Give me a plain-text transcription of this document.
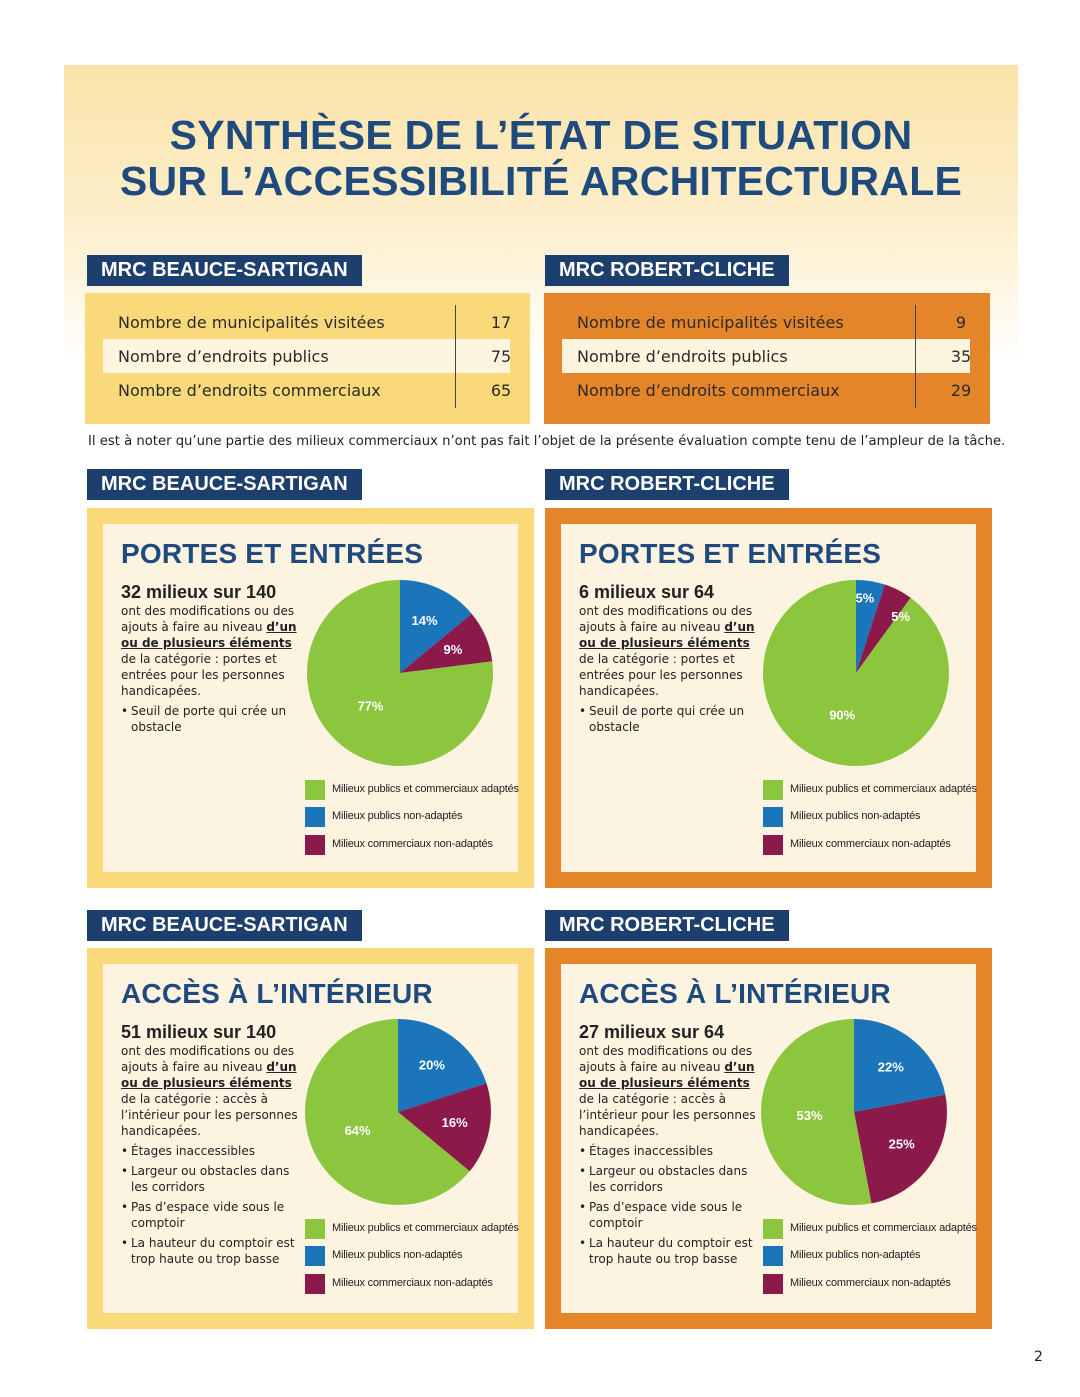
SYNTHÈSE DE L’ÉTAT DE SITUATION
SUR L’ACCESSIBILITÉ ARCHITECTURALE
MRC BEAUCE-SARTIGAN
Nombre de municipalités visitées	17
Nombre d’endroits publics	75
Nombre d’endroits commerciaux	65
MRC ROBERT-CLICHE
Nombre de municipalités visitées	9
Nombre d’endroits publics	35
Nombre d’endroits commerciaux	29
Il est à noter qu’une partie des milieux commerciaux n’ont pas fait l’objet de la présente évaluation compte tenu de l’ampleur de la tâche.
MRC BEAUCE-SARTIGAN
PORTES ET ENTRÉES

32 milieux sur 140

ont des modifications ou des ajouts à faire au niveau d’un ou de plusieurs éléments de la catégorie : portes et entrées pour les personnes handicapées.

• Seuil de porte qui crée un obstacle
14%
9%
77%
Milieux publics et commerciaux adaptés
Milieux publics non-adaptés
Milieux commerciaux non-adaptés
MRC ROBERT-CLICHE
PORTES ET ENTRÉES

6 milieux sur 64

ont des modifications ou des ajouts à faire au niveau d’un ou de plusieurs éléments de la catégorie : portes et entrées pour les personnes handicapées.

• Seuil de porte qui crée un obstacle
5%
5%
90%
Milieux publics et commerciaux adaptés
Milieux publics non-adaptés
Milieux commerciaux non-adaptés
MRC BEAUCE-SARTIGAN
ACCÈS À L’INTÉRIEUR

51 milieux sur 140

ont des modifications ou des ajouts à faire au niveau d’un ou de plusieurs éléments de la catégorie : accès à l’intérieur pour les personnes handicapées.

• Étages inaccessibles
• Largeur ou obstacles dans les corridors
• Pas d’espace vide sous le comptoir
• La hauteur du comptoir est trop haute ou trop basse
20%
16%
64%
Milieux publics et commerciaux adaptés
Milieux publics non-adaptés
Milieux commerciaux non-adaptés
MRC ROBERT-CLICHE
ACCÈS À L’INTÉRIEUR

27 milieux sur 64

ont des modifications ou des ajouts à faire au niveau d’un ou de plusieurs éléments de la catégorie : accès à l’intérieur pour les personnes handicapées.

• Étages inaccessibles
• Largeur ou obstacles dans les corridors
• Pas d’espace vide sous le comptoir
• La hauteur du comptoir est trop haute ou trop basse
22%
25%
53%
Milieux publics et commerciaux adaptés
Milieux publics non-adaptés
Milieux commerciaux non-adaptés
2
